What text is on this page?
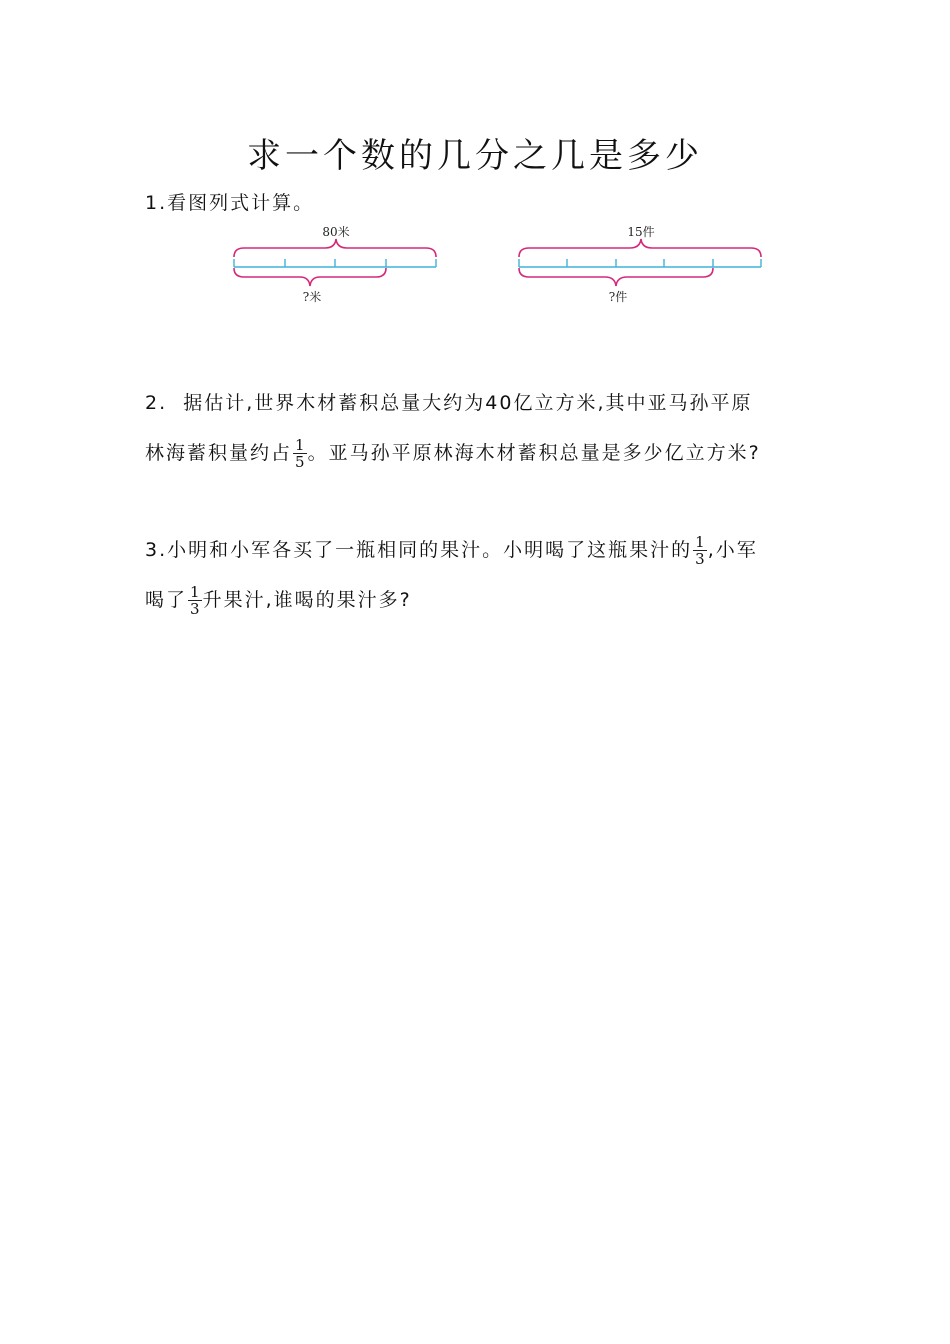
求一个数的几分之几是多少
1.看图列式计算。
80米
?米
15件
?件
2. 据估计,世界木材蓄积总量大约为40亿立方米,其中亚马孙平原
林海蓄积量约占 $\frac{1}{5}$ 。亚马孙平原林海木材蓄积总量是多少亿立方米?
3.小明和小军各买了一瓶相同的果汁。小明喝了这瓶果汁的 $\frac{1}{3}$ ,小军
喝了 $\frac{1}{3}$ 升果汁,谁喝的果汁多?
